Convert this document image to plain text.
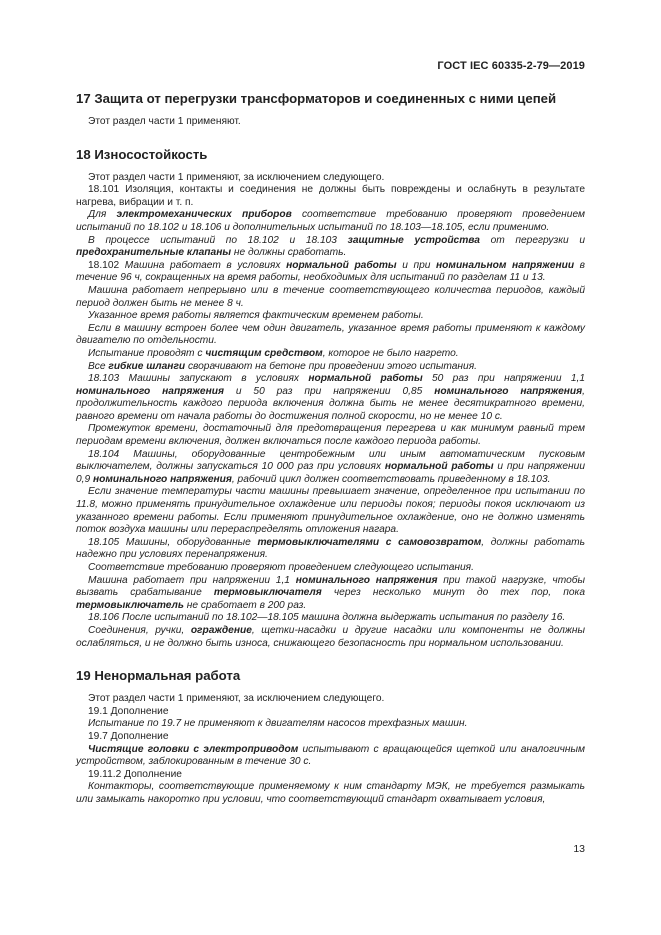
ГОСТ IEC 60335-2-79—2019
17 Защита от перегрузки трансформаторов и соединенных с ними цепей

Этот раздел части 1 применяют.

18 Износостойкость

Этот раздел части 1 применяют, за исключением следующего.

18.101 Изоляция, контакты и соединения не должны быть повреждены и ослабнуть в результате нагрева, вибрации и т. п.

Для электромеханических приборов соответствие требованию проверяют проведением испытаний по 18.102 и 18.106 и дополнительных испытаний по 18.103—18.105, если применимо.

В процессе испытаний по 18.102 и 18.103 защитные устройства от перегрузки и предохранительные клапаны не должны сработать.

18.102 Машина работает в условиях нормальной работы и при номинальном напряжении в течение 96 ч, сокращенных на время работы, необходимых для испытаний по разделам 11 и 13.

Машина работает непрерывно или в течение соответствующего количества периодов, каждый период должен быть не менее 8 ч.

Указанное время работы является фактическим временем работы.

Если в машину встроен более чем один двигатель, указанное время работы применяют к каждому двигателю по отдельности.

Испытание проводят с чистящим средством, которое не было нагрето.

Все гибкие шланги сворачивают на бетоне при проведении этого испытания.

18.103 Машины запускают в условиях нормальной работы 50 раз при напряжении 1,1 номинального напряжения и 50 раз при напряжении 0,85 номинального напряжения, продолжительность каждого периода включения должна быть не менее десятикратного времени, равного времени от начала работы до достижения полной скорости, но не менее 10 с.

Промежуток времени, достаточный для предотвращения перегрева и как минимум равный трем периодам времени включения, должен включаться после каждого периода работы.

18.104 Машины, оборудованные центробежным или иным автоматическим пусковым выключателем, должны запускаться 10 000 раз при условиях нормальной работы и при напряжении 0,9 номинального напряжения, рабочий цикл должен соответствовать приведенному в 18.103.

Если значение температуры части машины превышает значение, определенное при испытании по 11.8, можно применять принудительное охлаждение или периоды покоя; периоды покоя исключают из указанного времени работы. Если применяют принудительное охлаждение, оно не должно изменять поток воздуха машины или перераспределять отложения нагара.

18.105 Машины, оборудованные термовыключателями с самовозвратом, должны работать надежно при условиях перенапряжения.

Соответствие требованию проверяют проведением следующего испытания.

Машина работает при напряжении 1,1 номинального напряжения при такой нагрузке, чтобы вызвать срабатывание термовыключателя через несколько минут до тех пор, пока термовыключатель не сработает в 200 раз.

18.106 После испытаний по 18.102—18.105 машина должна выдержать испытания по разделу 16.

Соединения, ручки, ограждение, щетки-насадки и другие насадки или компоненты не должны ослабляться, и не должно быть износа, снижающего безопасность при нормальном использовании.

19 Ненормальная работа

Этот раздел части 1 применяют, за исключением следующего.

19.1 Дополнение

Испытание по 19.7 не применяют к двигателям насосов трехфазных машин.

19.7 Дополнение

Чистящие головки с электроприводом испытывают с вращающейся щеткой или аналогичным устройством, заблокированным в течение 30 с.

19.11.2 Дополнение

Контакторы, соответствующие применяемому к ним стандарту МЭК, не требуется размыкать или замыкать накоротко при условии, что соответствующий стандарт охватывает условия,

13
